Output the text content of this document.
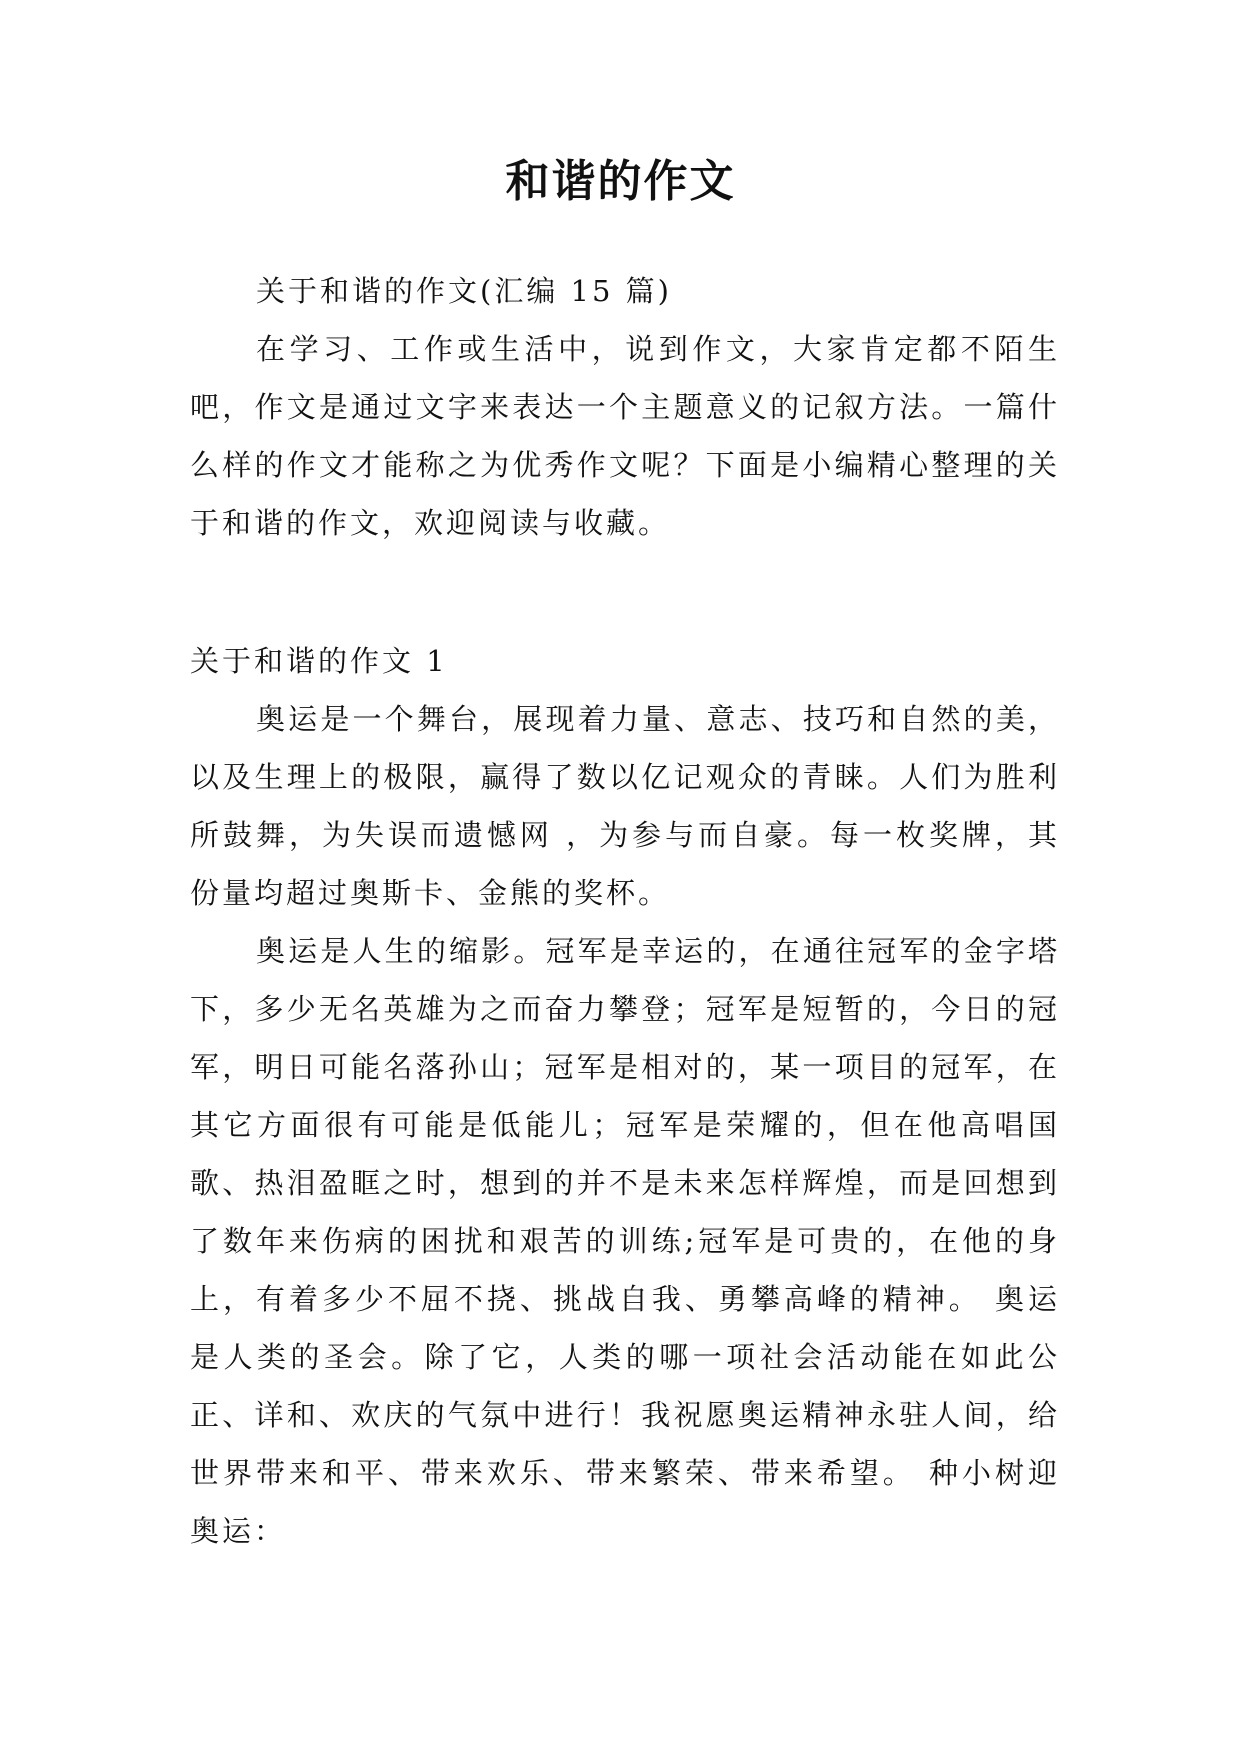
和谐的作文

关于和谐的作文(汇编 15 篇)

在学习、工作或生活中，说到作文，大家肯定都不陌生吧，作文是通过文字来表达一个主题意义的记叙方法。一篇什么样的作文才能称之为优秀作文呢？下面是小编精心整理的关于和谐的作文，欢迎阅读与收藏。

关于和谐的作文 1

奥运是一个舞台，展现着力量、意志、技巧和自然的美，以及生理上的极限，赢得了数以亿记观众的青睐。人们为胜利所鼓舞，为失误而遗憾网 ，为参与而自豪。每一枚奖牌，其份量均超过奥斯卡、金熊的奖杯。

奥运是人生的缩影。冠军是幸运的，在通往冠军的金字塔下，多少无名英雄为之而奋力攀登；冠军是短暂的，今日的冠军，明日可能名落孙山；冠军是相对的，某一项目的冠军，在其它方面很有可能是低能儿；冠军是荣耀的，但在他高唱国歌、热泪盈眶之时，想到的并不是未来怎样辉煌，而是回想到了数年来伤病的困扰和艰苦的训练;冠军是可贵的，在他的身上，有着多少不屈不挠、挑战自我、勇攀高峰的精神。 奥运是人类的圣会。除了它，人类的哪一项社会活动能在如此公正、详和、欢庆的气氛中进行！我祝愿奥运精神永驻人间，给世界带来和平、带来欢乐、带来繁荣、带来希望。 种小树迎奥运：
